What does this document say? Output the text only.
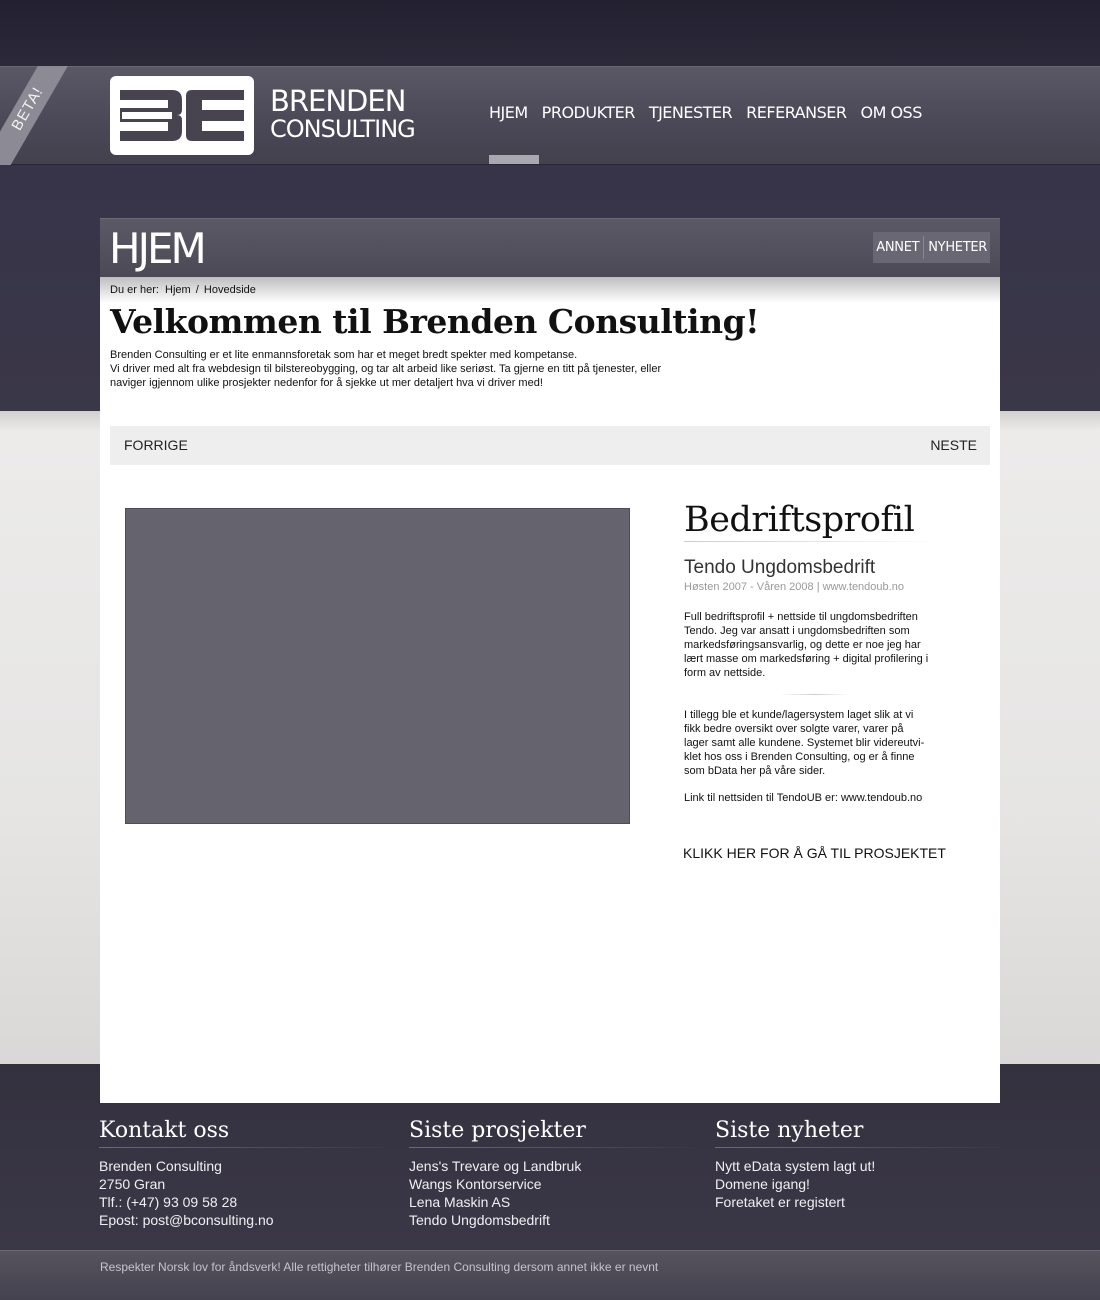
BETA!	BRENDEN
CONSULTING
HJEM PRODUKTER TJENESTER REFERANSER OM OSS
HJEM	ANNET NYHETER
Du er her: Hjem / Hovedside
Velkommen til Brenden Consulting!
Brenden Consulting er et lite enmannsforetak som har et meget bredt spekter med kompetanse.
Vi driver med alt fra webdesign til bilstereobygging, og tar alt arbeid like seriøst. Ta gjerne en titt på tjenester, eller
naviger igjennom ulike prosjekter nedenfor for å sjekke ut mer detaljert hva vi driver med!
FORRIGE	NESTE
Bedriftsprofil
Tendo Ungdomsbedrift
Høsten 2007 - Våren 2008 | www.tendoub.no
Full bedriftsprofil + nettside til ungdomsbedriften
Tendo. Jeg var ansatt i ungdomsbedriften som
markedsføringsansvarlig, og dette er noe jeg har
lært masse om markedsføring + digital profilering i
form av nettside.
I tillegg ble et kunde/lagersystem laget slik at vi
fikk bedre oversikt over solgte varer, varer på
lager samt alle kundene. Systemet blir videreutvi-
klet hos oss i Brenden Consulting, og er å finne
som bData her på våre sider.
Link til nettsiden til TendoUB er: www.tendoub.no
KLIKK HER FOR Å GÅ TIL PROSJEKTET
Kontakt oss
Brenden Consulting
2750 Gran
Tlf.: (+47) 93 09 58 28
Epost: post@bconsulting.no
Siste prosjekter
Jens's Trevare og Landbruk
Wangs Kontorservice
Lena Maskin AS
Tendo Ungdomsbedrift
Siste nyheter
Nytt eData system lagt ut!
Domene igang!
Foretaket er registert
Respekter Norsk lov for åndsverk! Alle rettigheter tilhører Brenden Consulting dersom annet ikke er nevnt
